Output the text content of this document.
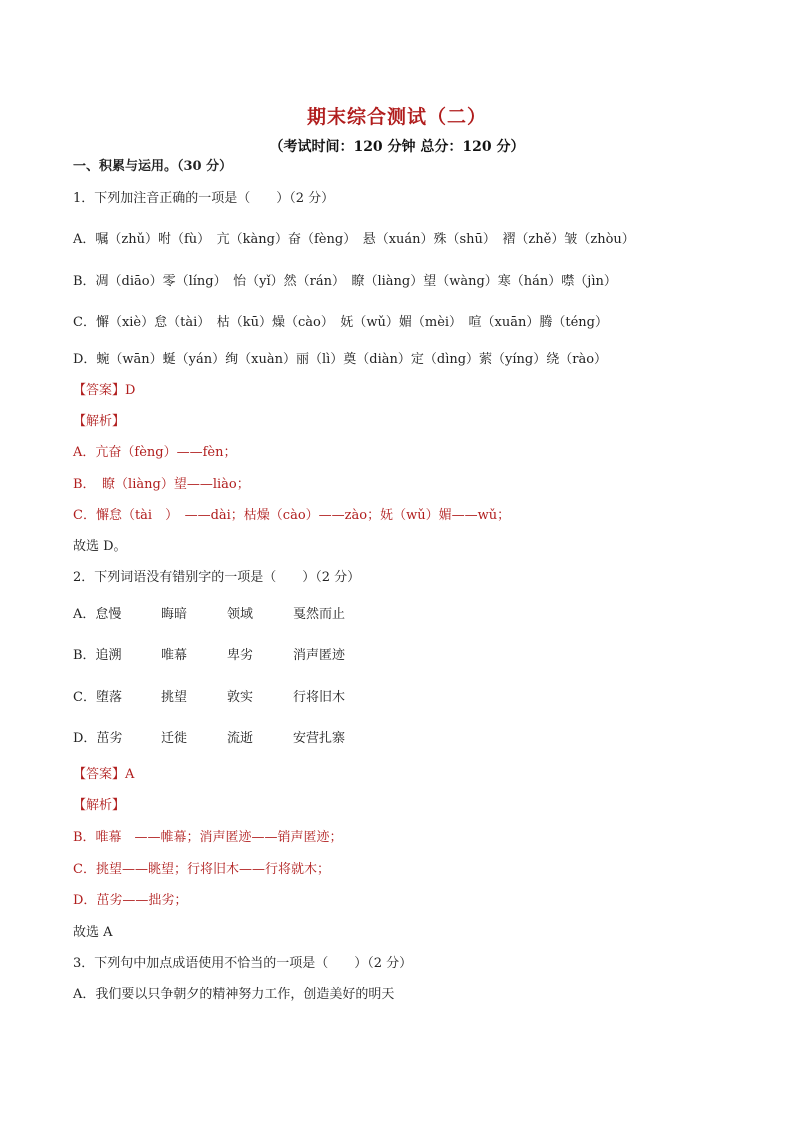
期末综合测试（二）
（考试时间：120 分钟 总分：120 分）
一、积累与运用。（30 分）
1．下列加注音正确的一项是（　　）（2 分）
A．嘱（zhǔ）咐（fù）　亢（kàng）奋（fèng）　悬（xuán）殊（shū）　褶（zhě）皱（zhòu）
B．凋（diāo）零（líng）　怡（yǐ）然（rán）　瞭（liàng）望（wàng）寒（hán）噤（jìn）
C．懈（xiè）怠（tài）　枯（kū）燥（cào）　妩（wǔ）媚（mèi）　喧（xuān）腾（téng）
D．蜿（wān）蜒（yán）绚（xuàn）丽（lì）奠（diàn）定（dìng）萦（yíng）绕（rào）
【答案】D
【解析】
A．亢奋（fèng）——fèn；
B．　瞭（liàng）望——liào；
C．懈怠（tài　）　——dài；枯燥（cào）——zào；妩（wǔ）媚——wǔ；
故选 D。
2．下列词语没有错别字的一项是（　　）（2 分）
A．怠慢	晦暗	领域	戛然而止
B．追溯	唯幕	卑劣	消声匿迹
C．堕落	挑望	敦实	行将旧木
D．茁劣	迁徙	流逝	安营扎寨
【答案】A
【解析】
B．唯幕　——帷幕；消声匿迹——销声匿迹；
C．挑望——眺望；行将旧木——行将就木；
D．茁劣——拙劣；
故选 A
3．下列句中加点成语使用不恰当的一项是（　　）（2 分）
A．我们要以只争朝夕的精神努力工作，创造美好的明天
